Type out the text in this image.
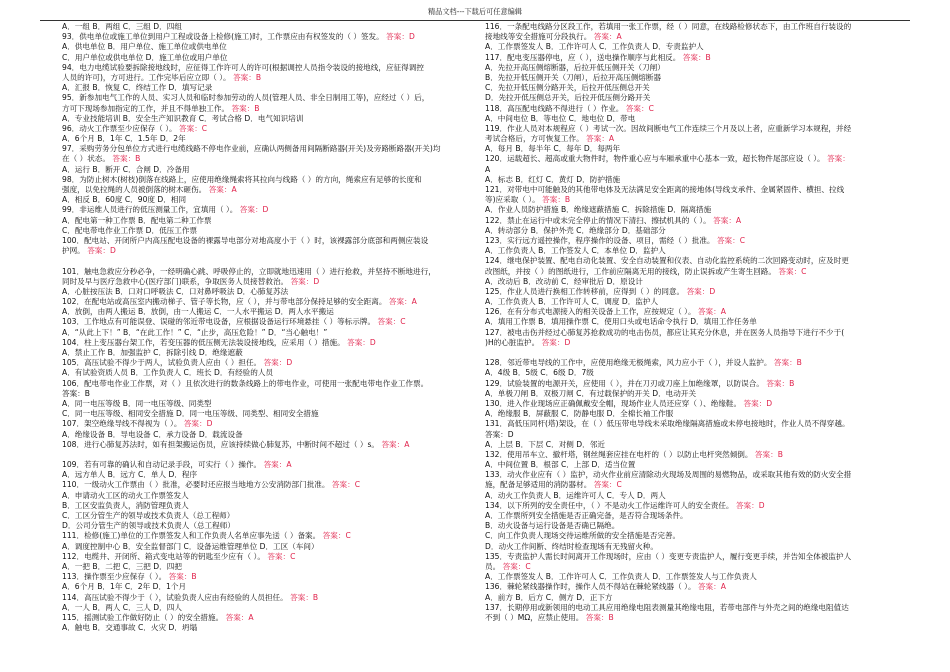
精品文档---下载后可任意编辑
A．一组 B．两组 C．三组 D．四组
93．供电单位或施工单位到用户工程或设备上检修(施工)时，工作票应由有权签发的（ ）签发。 答案：D
A．供电单位 B．用户单位、施工单位或供电单位
C．用户单位或供电单位 D．施工单位或用户单位
94．电力电缆试验要拆除接地线时，应征得工作许可人的许可(根据调控人员指令装设的接地线，应征得调控
人员的许可)，方可进行。工作完毕后应立即（ ）。 答案：B
A．汇报 B．恢复 C．终结工作 D．填写记录
95．新参加电气工作的人员、实习人员和临时参加劳动的人员(管理人员、非全日制用工等)，应经过（ ）后，
方可下现场参加指定的工作，并且不得单独工作。 答案：B
A．专业技能培训 B．安全生产知识教育 C．考试合格 D．电气知识培训
96．动火工作票至少应保存（ ）。 答案：C
A．6个月 B．1年 C．1.5年 D．2年
97．采购劳务分包单位方式进行电缆线路不停电作业前，应确认两侧备用间隔断路器(开关)及旁路断路器(开关)均
在（ ）状态。 答案：B
A．运行 B．断开 C．合闸 D．冷备用
98．为防止树木(树枝)倒落在线路上，应使用绝缘绳索将其拉向与线路（ ）的方向，绳索应有足够的长度和
强度，以免拉绳的人员被倒落的树木砸伤。 答案：A
A．相反 B．60度 C．90度 D．相同
99．非运维人员进行的低压测量工作，宜填用（ ）。 答案：D
A．配电第一种工作票 B．配电第二种工作票
C．配电带电作业工作票 D．低压工作票
100．配电站、开闭所户内高压配电设备的裸露导电部分对地高度小于（ ）时，该裸露部分底部和两侧应装设
护网。 答案：D
101．触电急救应分秒必争，一经明确心跳、呼吸停止的，立即就地迅速用（ ）进行抢救，并坚持不断地进行，
同时及早与医疗急救中心(医疗部门)联系，争取医务人员接替救治。 答案：D
A．心脏按压法 B．口对口呼吸法 C．口对鼻呼吸法 D．心肺复苏法
102．在配电站或高压室内搬动梯子、管子等长物，应（ ），并与带电部分保持足够的安全距离。 答案：A
A．放倒，由两人搬运 B．放倒，由一人搬运 C．一人水平搬运 D．两人水平搬运
103．工作地点有可能误登、误碰的邻近带电设备，应根据设备运行环境悬挂（ ）等标示牌。 答案：C
A．“从此上下！” B．“在此工作！” C．“止步，高压危险！” D．“当心触电！”
104．柱上变压器台架工作，若变压器的低压侧无法装设接地线，应采用（ ）措施。 答案：D
A．禁止工作 B．加强监护 C．拆除引线 D．绝缘遮蔽
105．高压试验不得少于两人，试验负责人应由（ ）担任。 答案：D
A．有试验资质人员 B．工作负责人 C．班长 D．有经验的人员
106．配电带电作业工作票，对（ ）且依次进行的数条线路上的带电作业，可使用一张配电带电作业工作票。
答案：B
A．同一电压等级 B．同一电压等级、同类型
C．同一电压等级、相同安全措施 D．同一电压等级、同类型、相同安全措施
107．架空绝缘导线不得视为（ ）。 答案：D
A．绝缘设备 B．导电设备 C．承力设备 D．载流设备
108．进行心肺复苏法时，如有担架搬运伤员，应该持续做心肺复苏，中断时间不超过（ ）s。 答案：A
109．若有可靠的确认和自动记录手段，可实行（ ）操作。 答案：A
A．远方单人 B．远方 C．单人 D．程序
110．一级动火工作票由（ ）批准，必要时还应报当地地方公安消防部门批准。 答案：C
A．申请动火工区的动火工作票签发人
B．工区安监负责人，消防管理负责人
C．工区分管生产的领导或技术负责人（总工程师）
D．公司分管生产的领导或技术负责人（总工程师）
111．检修(施工)单位的工作票签发人和工作负责人名单应事先送（ ）备案。 答案：C
A．调度控制中心 B．安全监督部门 C．设备运维管理单位 D．工区（车间）
112．电缆井、开闭所、箱式变电站等的钥匙至少应有（ ）。 答案：C
A．一把 B．二把 C．三把 D．四把
113．操作票至少应保存（ ）。 答案：B
A．6个月 B．1年 C．2年 D．1个月
114．高压试验不得少于（ ），试验负责人应由有经验的人员担任。 答案：B
A．一人 B．两人 C．三人 D．四人
115．摇测试验工作做好防止（ ）的安全措施。 答案：A
A．触电 B．交通事故 C．火灾 D．坍塌
116．一条配电线路分区段工作，若填用一张工作票，经（ ）同意，在线路检修状态下，由工作班自行装设的
接地线等安全措施可分段执行。 答案：A
A．工作票签发人 B．工作许可人 C．工作负责人 D．专责监护人
117．配电变压器停电，应（ ），送电操作顺序与此相反。 答案：B
A．先拉开高压侧熔断器，后拉开低压侧开关（刀闸）
B．先拉开低压侧开关（刀闸），后拉开高压侧熔断器
C．先拉开低压侧分路开关，后拉开低压侧总开关
D．先拉开低压侧总开关，后拉开低压侧分路开关
118．高压配电线路不得进行（ ）作业。 答案：C
A．中间电位 B．等电位 C．地电位 D．带电
119．作业人员对本规程应（ ）考试一次。因故间断电气工作连续三个月及以上者，应重新学习本规程，并经
考试合格后，方可恢复工作。 答案：A
A．每月 B．每半年 C．每年 D．每两年
120．运载超长、超高或重大物件时，物件重心应与车厢承重中心基本一致，超长物件尾部应设（ ）。 答案：
A
A．标志 B．红灯 C．黄灯 D．防护措施
121．对带电中可能触及的其他带电体及无法满足安全距离的接地体(导线支承件、金属紧固件、横担、拉线
等)应采取（ ）。 答案：B
A．作业人员防护措施 B．绝缘遮蔽措施 C．拆除措施 D．隔离措施
122．禁止在运行中或未完全停止的情况下清扫、擦拭机具的（ ）。 答案：A
A．转动部分 B．保护外壳 C．绝缘部分 D．基础部分
123．实行远方遥控操作，程序操作的设备、项目，需经（ ）批准。 答案：C
A．工作负责人 B．工作签发人 C．本单位 D．监护人
124．继电保护装置、配电自动化装置、安全自动装置和仪表、自动化监控系统的二次回路变动时，应及时更
改图纸，并按（ ）的图纸进行，工作前应隔离无用的接线，防止误拆或产生寄生回路。 答案：C
A．改动后 B．改动前 C．经审批后 D．原设计
125．作业人员进行换相工作转移前，应得到（ ）的同意。 答案：D
A．工作负责人 B．工作许可人 C．调度 D．监护人
126．在有分布式电源接入的相关设备上工作，应按规定（ ）。 答案：A
A．填用工作票 B．填用操作票 C．使用口头或电话命令执行 D．填用工作任务单
127．被电击伤并经过心肺复苏抢救成功的电击伤员，都应让其充分休息，并在医务人员指导下进行不少于(
)H的心脏监护。 答案：D
128．邻近带电导线的工作中，应使用绝缘无极绳索，风力应小于（ ），并设人监护。 答案：B
A．4级 B．5级 C．6级 D．7级
129．试验装置的电源开关，应使用（ ），并在刀刃或刀座上加绝缘罩，以防误合。 答案：B
A．单极刀闸 B．双极刀闸 C．有过载保护的开关 D．电动开关
130．进入作业现场应正确佩戴安全帽，现场作业人员还应穿（ ）、绝缘鞋。 答案：D
A．绝缘服 B．屏蔽服 C．防静电服 D．全棉长袖工作服
131．高低压同杆(塔)架设，在（ ）低压带电导线未采取绝缘隔离措施或未停电接地时，作业人员不得穿越。
答案：D
A．上层 B．下层 C．对侧 D．邻近
132．使用吊车立、撤杆塔，钢丝绳套应挂在电杆的（ ）以防止电杆突然倾倒。 答案：B
A．中间位置 B．根部 C．上部 D．适当位置
133．动火作业应有（ ）监护，动火作业前应清除动火现场及周围的易燃物品，或采取其他有效的防火安全措
施，配备足够适用的消防器材。 答案：C
A．动火工作负责人 B．运维许可人 C．专人 D．两人
134．以下所列的安全责任中，（ ）不是动火工作运维许可人的安全责任。 答案：D
A．工作票所列安全措施是否正确完备，是否符合现场条件。
B．动火设备与运行设备是否确已隔绝。
C．向工作负责人现场交待运维所做的安全措施是否完善。
D．动火工作间断、终结时检查现场有无残留火种。
135．专责监护人需长时间离开工作现场时，应由（ ）变更专责监护人，履行变更手续，并告知全体被监护人
员。 答案：C
A．工作票签发人 B．工作许可人 C．工作负责人 D．工作票签发人与工作负责人
136．棘轮紧线器操作时，操作人员不得站在棘轮紧线器（ ）。 答案：A
A．前方 B．后方 C．侧方 D．正下方
137．长期停用或新领用的电动工具应用绝缘电阻表测量其绝缘电阻，若带电部件与外壳之间的绝缘电阻值达
不到（ ）MΩ，应禁止使用。 答案：B
